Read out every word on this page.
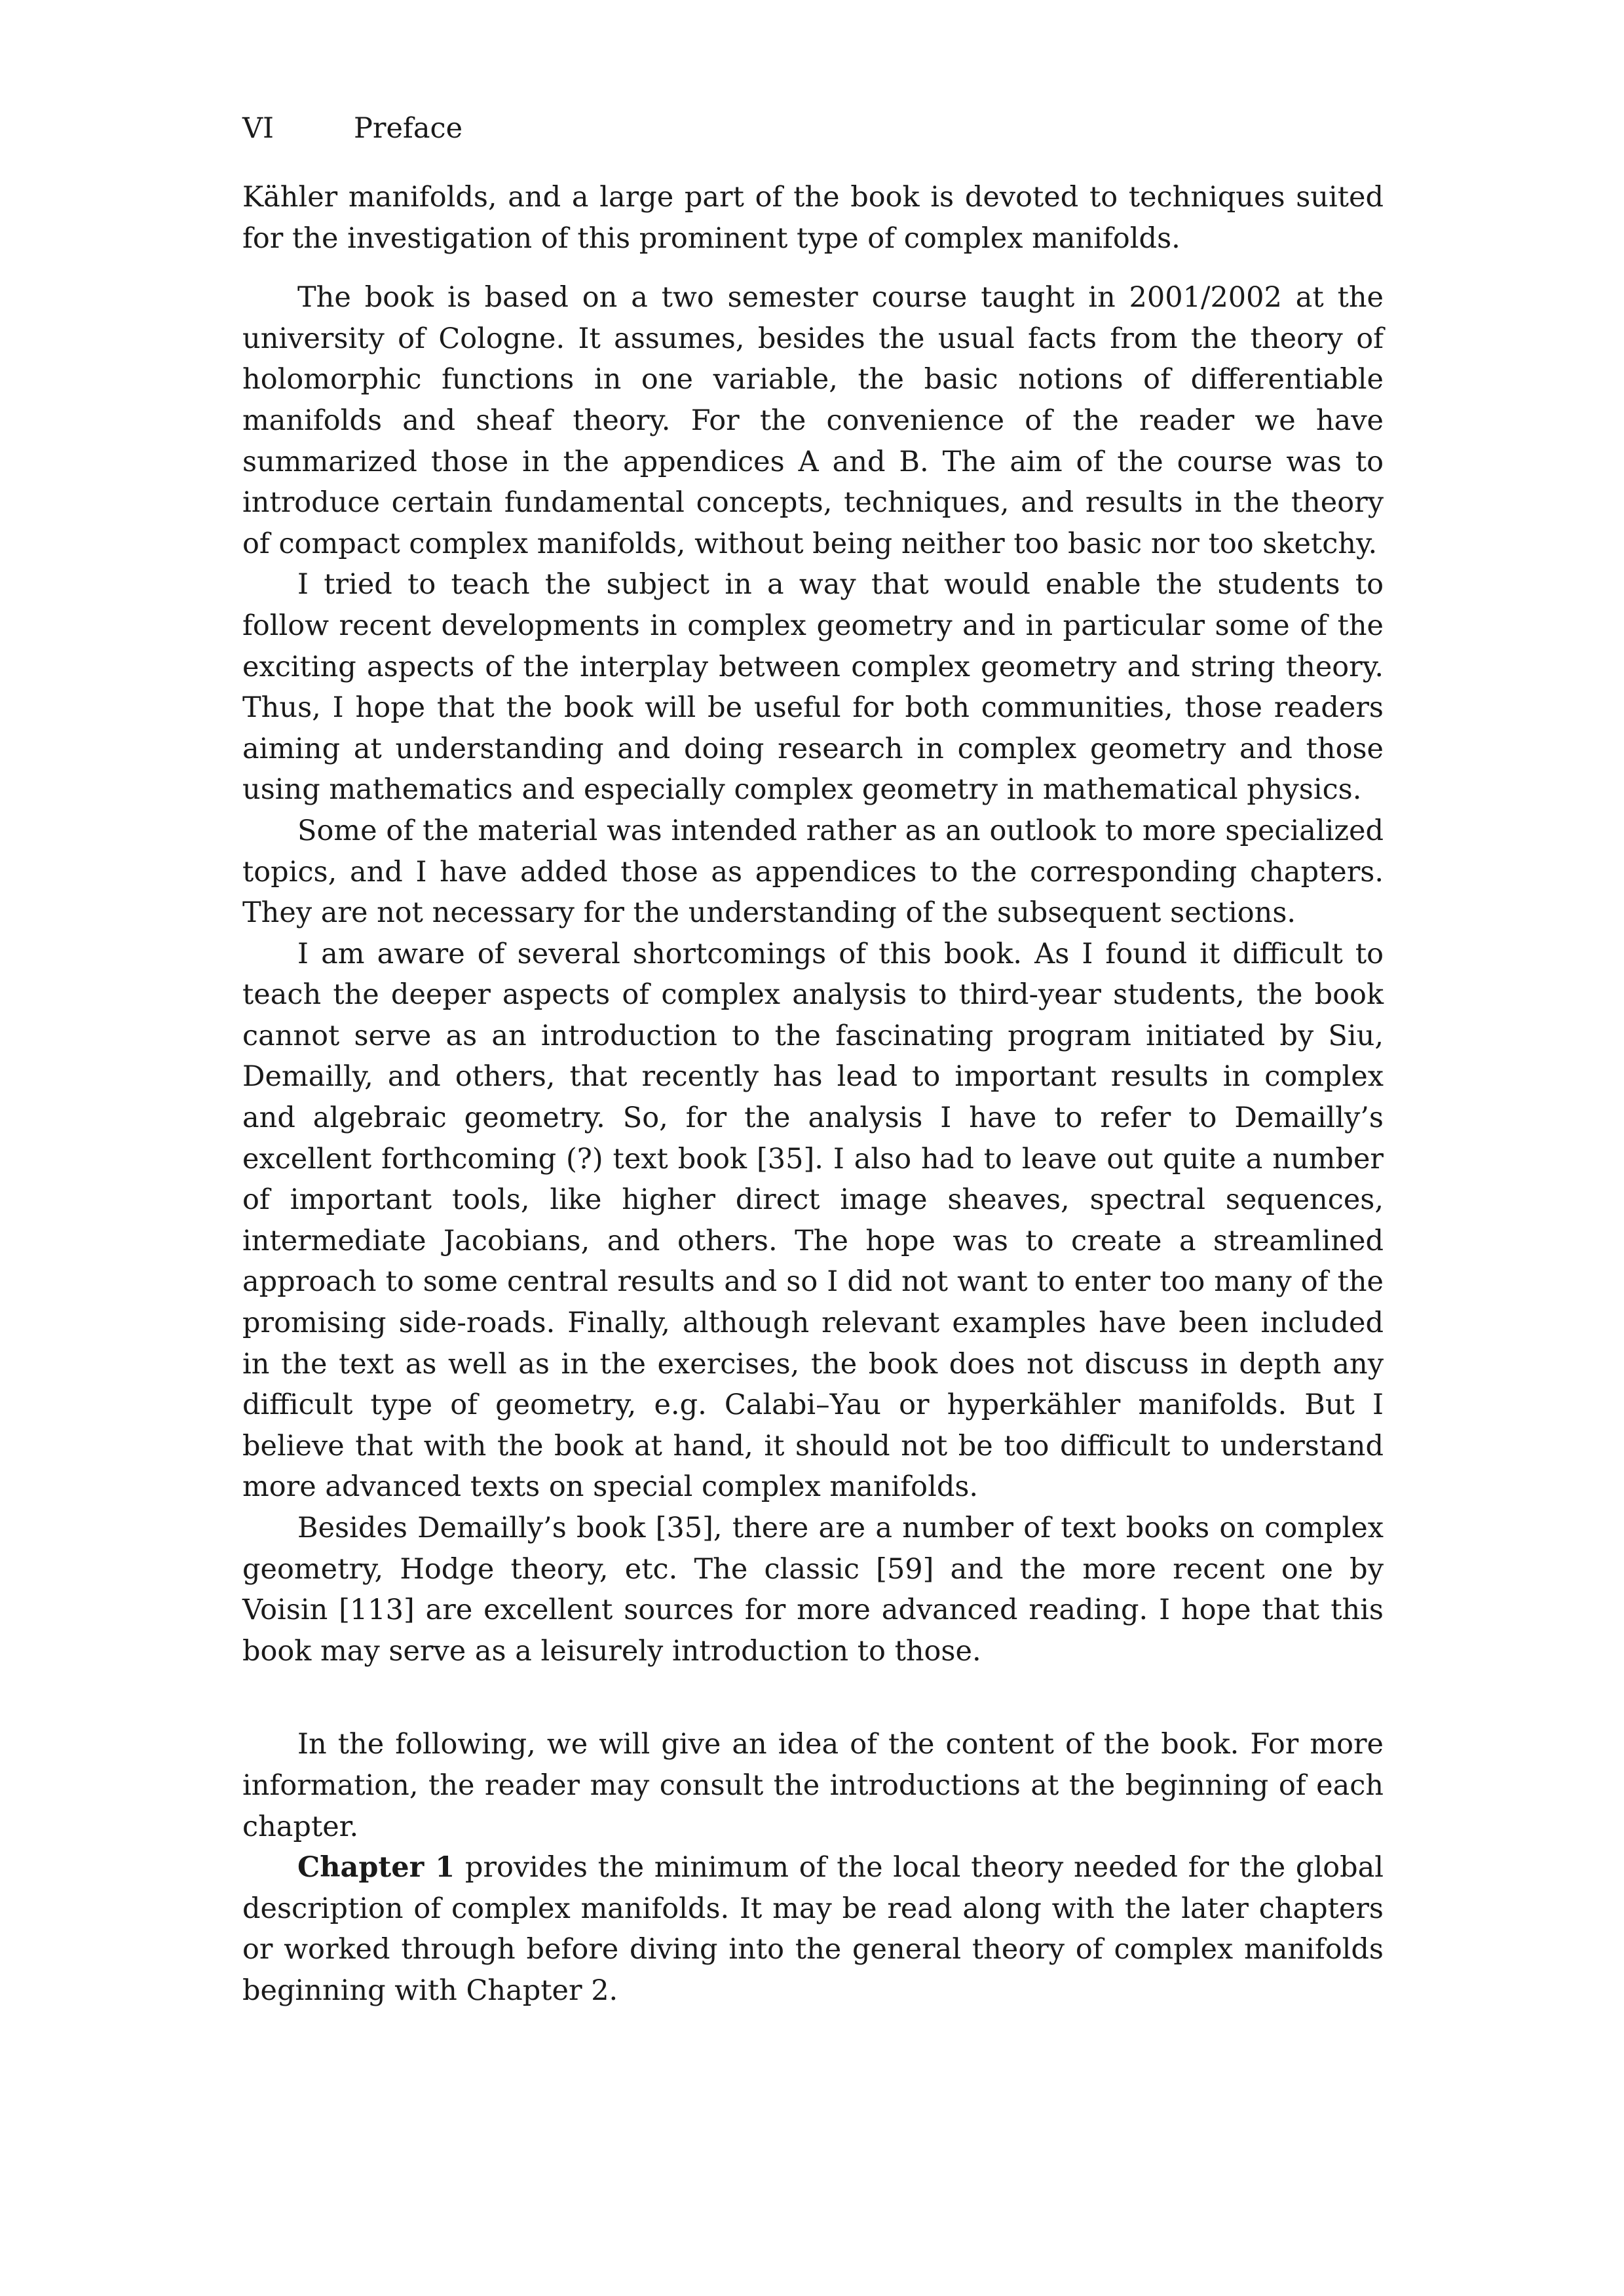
VI	Preface

Kähler manifolds, and a large part of the book is devoted to techniques suited for the investigation of this prominent type of complex manifolds.

The book is based on a two semester course taught in 2001/2002 at the university of Cologne. It assumes, besides the usual facts from the theory of holomorphic functions in one variable, the basic notions of differentiable manifolds and sheaf theory. For the convenience of the reader we have summarized those in the appendices A and B. The aim of the course was to introduce certain fundamental concepts, techniques, and results in the theory of compact complex manifolds, without being neither too basic nor too sketchy.

I tried to teach the subject in a way that would enable the students to follow recent developments in complex geometry and in particular some of the exciting aspects of the interplay between complex geometry and string theory. Thus, I hope that the book will be useful for both communities, those readers aiming at understanding and doing research in complex geometry and those using mathematics and especially complex geometry in mathematical physics.

Some of the material was intended rather as an outlook to more specialized topics, and I have added those as appendices to the corresponding chapters. They are not necessary for the understanding of the subsequent sections.

I am aware of several shortcomings of this book. As I found it difficult to teach the deeper aspects of complex analysis to third-year students, the book cannot serve as an introduction to the fascinating program initiated by Siu, Demailly, and others, that recently has lead to important results in complex and algebraic geometry. So, for the analysis I have to refer to Demailly’s excellent forthcoming (?) text book [35]. I also had to leave out quite a number of important tools, like higher direct image sheaves, spectral sequences, intermediate Jacobians, and others. The hope was to create a streamlined approach to some central results and so I did not want to enter too many of the promising side-roads. Finally, although relevant examples have been included in the text as well as in the exercises, the book does not discuss in depth any difficult type of geometry, e.g. Calabi–Yau or hyperkähler manifolds. But I believe that with the book at hand, it should not be too difficult to understand more advanced texts on special complex manifolds.

Besides Demailly’s book [35], there are a number of text books on complex geometry, Hodge theory, etc. The classic [59] and the more recent one by Voisin [113] are excellent sources for more advanced reading. I hope that this book may serve as a leisurely introduction to those.

In the following, we will give an idea of the content of the book. For more information, the reader may consult the introductions at the beginning of each chapter.

Chapter 1 provides the minimum of the local theory needed for the global description of complex manifolds. It may be read along with the later chapters or worked through before diving into the general theory of complex manifolds beginning with Chapter 2.
